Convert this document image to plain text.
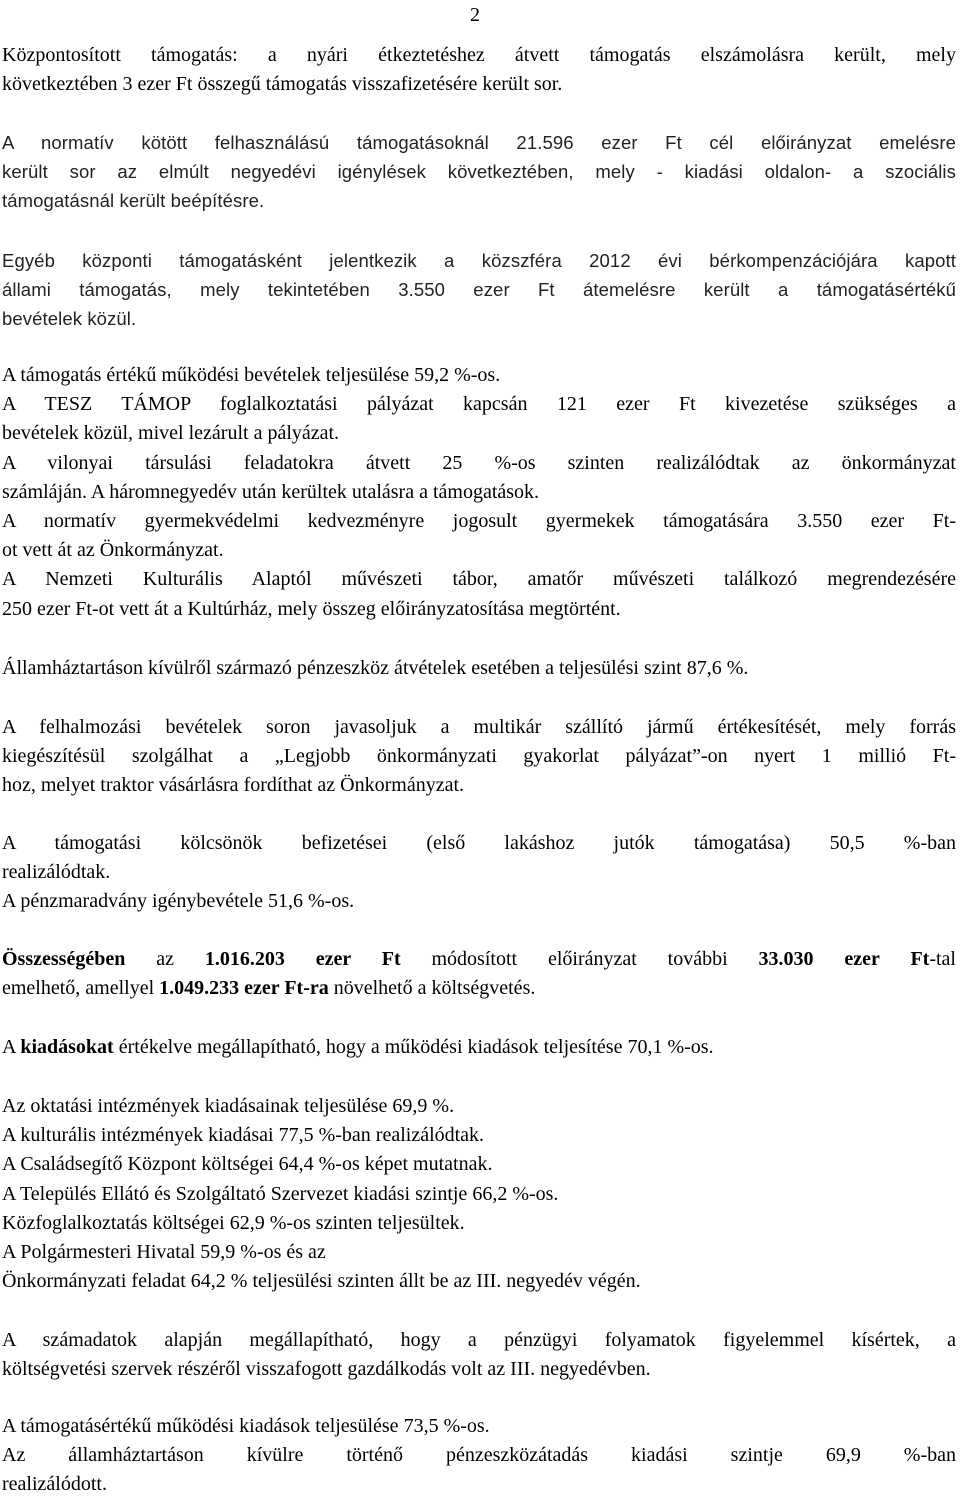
2
Központosított támogatás: a nyári étkeztetéshez átvett támogatás elszámolásra került, mely
következtében 3 ezer Ft összegű támogatás visszafizetésére került sor.
A normatív kötött felhasználású támogatásoknál 21.596 ezer Ft cél előirányzat emelésre
került sor az elmúlt negyedévi igénylések következtében, mely - kiadási oldalon- a szociális
támogatásnál került beépítésre.
Egyéb központi támogatásként jelentkezik a közszféra 2012 évi bérkompenzációjára kapott
állami támogatás, mely tekintetében 3.550 ezer Ft átemelésre került a támogatásértékű
bevételek közül.
A támogatás értékű működési bevételek teljesülése 59,2 %-os.
A TESZ TÁMOP foglalkoztatási pályázat kapcsán 121 ezer Ft kivezetése szükséges a
bevételek közül, mivel lezárult a pályázat.
A vilonyai társulási feladatokra átvett 25 %-os szinten realizálódtak az önkormányzat
számláján. A háromnegyedév után kerültek utalásra a támogatások.
A normatív gyermekvédelmi kedvezményre jogosult gyermekek támogatására 3.550 ezer Ft-
ot vett át az Önkormányzat.
A Nemzeti Kulturális Alaptól művészeti tábor, amatőr művészeti találkozó megrendezésére
250 ezer Ft-ot vett át a Kultúrház, mely összeg előirányzatosítása megtörtént.
Államháztartáson kívülről származó pénzeszköz átvételek esetében a teljesülési szint 87,6 %.
A felhalmozási bevételek soron javasoljuk a multikár szállító jármű értékesítését, mely forrás
kiegészítésül szolgálhat a „Legjobb önkormányzati gyakorlat pályázat”-on nyert 1 millió Ft-
hoz, melyet traktor vásárlásra fordíthat az Önkormányzat.
A támogatási kölcsönök befizetései (első lakáshoz jutók támogatása) 50,5 %-ban
realizálódtak.
A pénzmaradvány igénybevétele 51,6 %-os.
Összességében az 1.016.203 ezer Ft módosított előirányzat további 33.030 ezer Ft-tal
emelhető, amellyel 1.049.233 ezer Ft-ra növelhető a költségvetés.
A kiadásokat értékelve megállapítható, hogy a működési kiadások teljesítése 70,1 %-os.
Az oktatási intézmények kiadásainak teljesülése 69,9 %.
A kulturális intézmények kiadásai 77,5 %-ban realizálódtak.
A Családsegítő Központ költségei 64,4 %-os képet mutatnak.
A Település Ellátó és Szolgáltató Szervezet kiadási szintje 66,2 %-os.
Közfoglalkoztatás költségei 62,9 %-os szinten teljesültek.
A Polgármesteri Hivatal 59,9 %-os és az
Önkormányzati feladat 64,2 % teljesülési szinten állt be az III. negyedév végén.
A számadatok alapján megállapítható, hogy a pénzügyi folyamatok figyelemmel kísértek, a
költségvetési szervek részéről visszafogott gazdálkodás volt az III. negyedévben.
A támogatásértékű működési kiadások teljesülése 73,5 %-os.
Az államháztartáson kívülre történő pénzeszközátadás kiadási szintje 69,9 %-ban
realizálódott.
